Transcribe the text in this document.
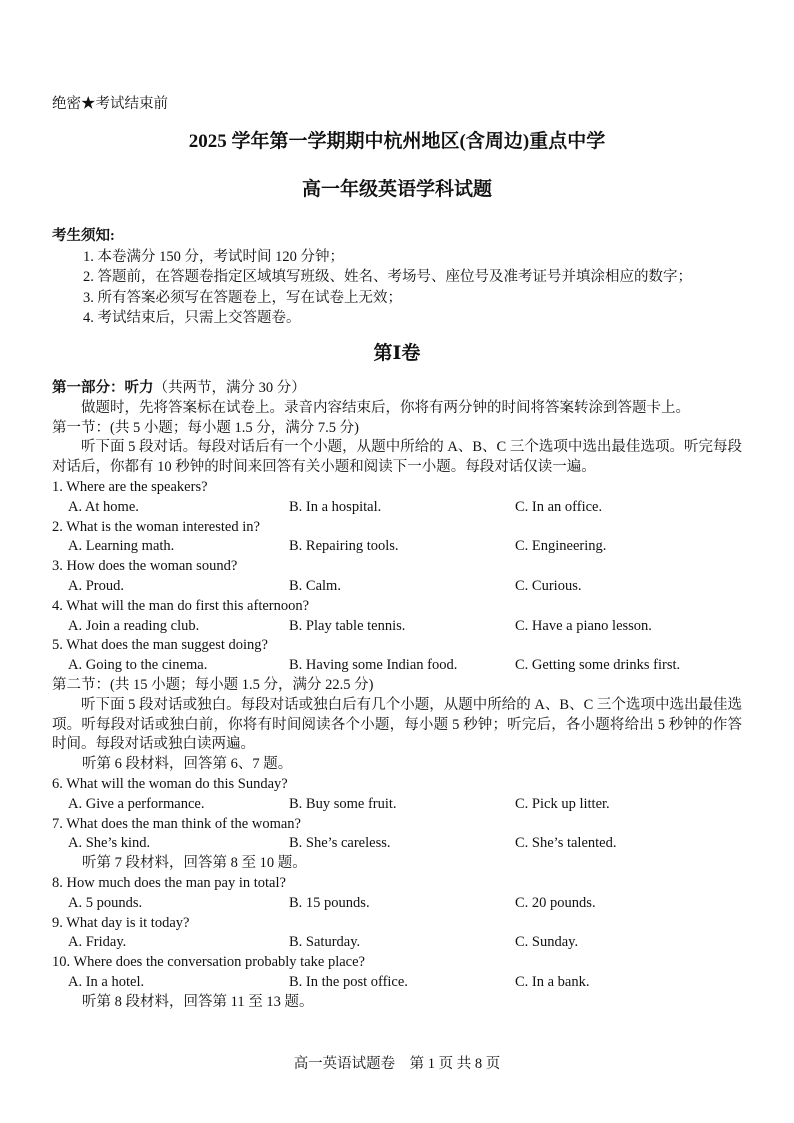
绝密★考试结束前
2025 学年第一学期期中杭州地区(含周边)重点中学
高一年级英语学科试题
考生须知:
1. 本卷满分 150 分，考试时间 120 分钟；
2. 答题前，在答题卷指定区域填写班级、姓名、考场号、座位号及准考证号并填涂相应的数字；
3. 所有答案必须写在答题卷上，写在试卷上无效；
4. 考试结束后，只需上交答题卷。
第Ⅰ卷
第一部分：听力（共两节，满分 30 分）
做题时，先将答案标在试卷上。录音内容结束后，你将有两分钟的时间将答案转涂到答题卡上。
第一节：(共 5 小题；每小题 1.5 分，满分 7.5 分)
听下面 5 段对话。每段对话后有一个小题，从题中所给的 A、B、C 三个选项中选出最佳选项。听完每段对话后，你都有 10 秒钟的时间来回答有关小题和阅读下一小题。每段对话仅读一遍。
1. Where are the speakers?
A. At home.	B. In a hospital.	C. In an office.
2. What is the woman interested in?
A. Learning math.	B. Repairing tools.	C. Engineering.
3. How does the woman sound?
A. Proud.	B. Calm.	C. Curious.
4. What will the man do first this afternoon?
A. Join a reading club.	B. Play table tennis.	C. Have a piano lesson.
5. What does the man suggest doing?
A. Going to the cinema.	B. Having some Indian food.	C. Getting some drinks first.
第二节：(共 15 小题；每小题 1.5 分，满分 22.5 分)
听下面 5 段对话或独白。每段对话或独白后有几个小题，从题中所给的 A、B、C 三个选项中选出最佳选项。听每段对话或独白前，你将有时间阅读各个小题，每小题 5 秒钟；听完后，各小题将给出 5 秒钟的作答时间。每段对话或独白读两遍。
听第 6 段材料，回答第 6、7 题。
6. What will the woman do this Sunday?
A. Give a performance.	B. Buy some fruit.	C. Pick up litter.
7. What does the man think of the woman?
A. She’s kind.	B. She’s careless.	C. She’s talented.
听第 7 段材料，回答第 8 至 10 题。
8. How much does the man pay in total?
A. 5 pounds.	B. 15 pounds.	C. 20 pounds.
9. What day is it today?
A. Friday.	B. Saturday.	C. Sunday.
10. Where does the conversation probably take place?
A. In a hotel.	B. In the post office.	C. In a bank.
听第 8 段材料，回答第 11 至 13 题。
高一英语试题卷　第 1 页 共 8 页
